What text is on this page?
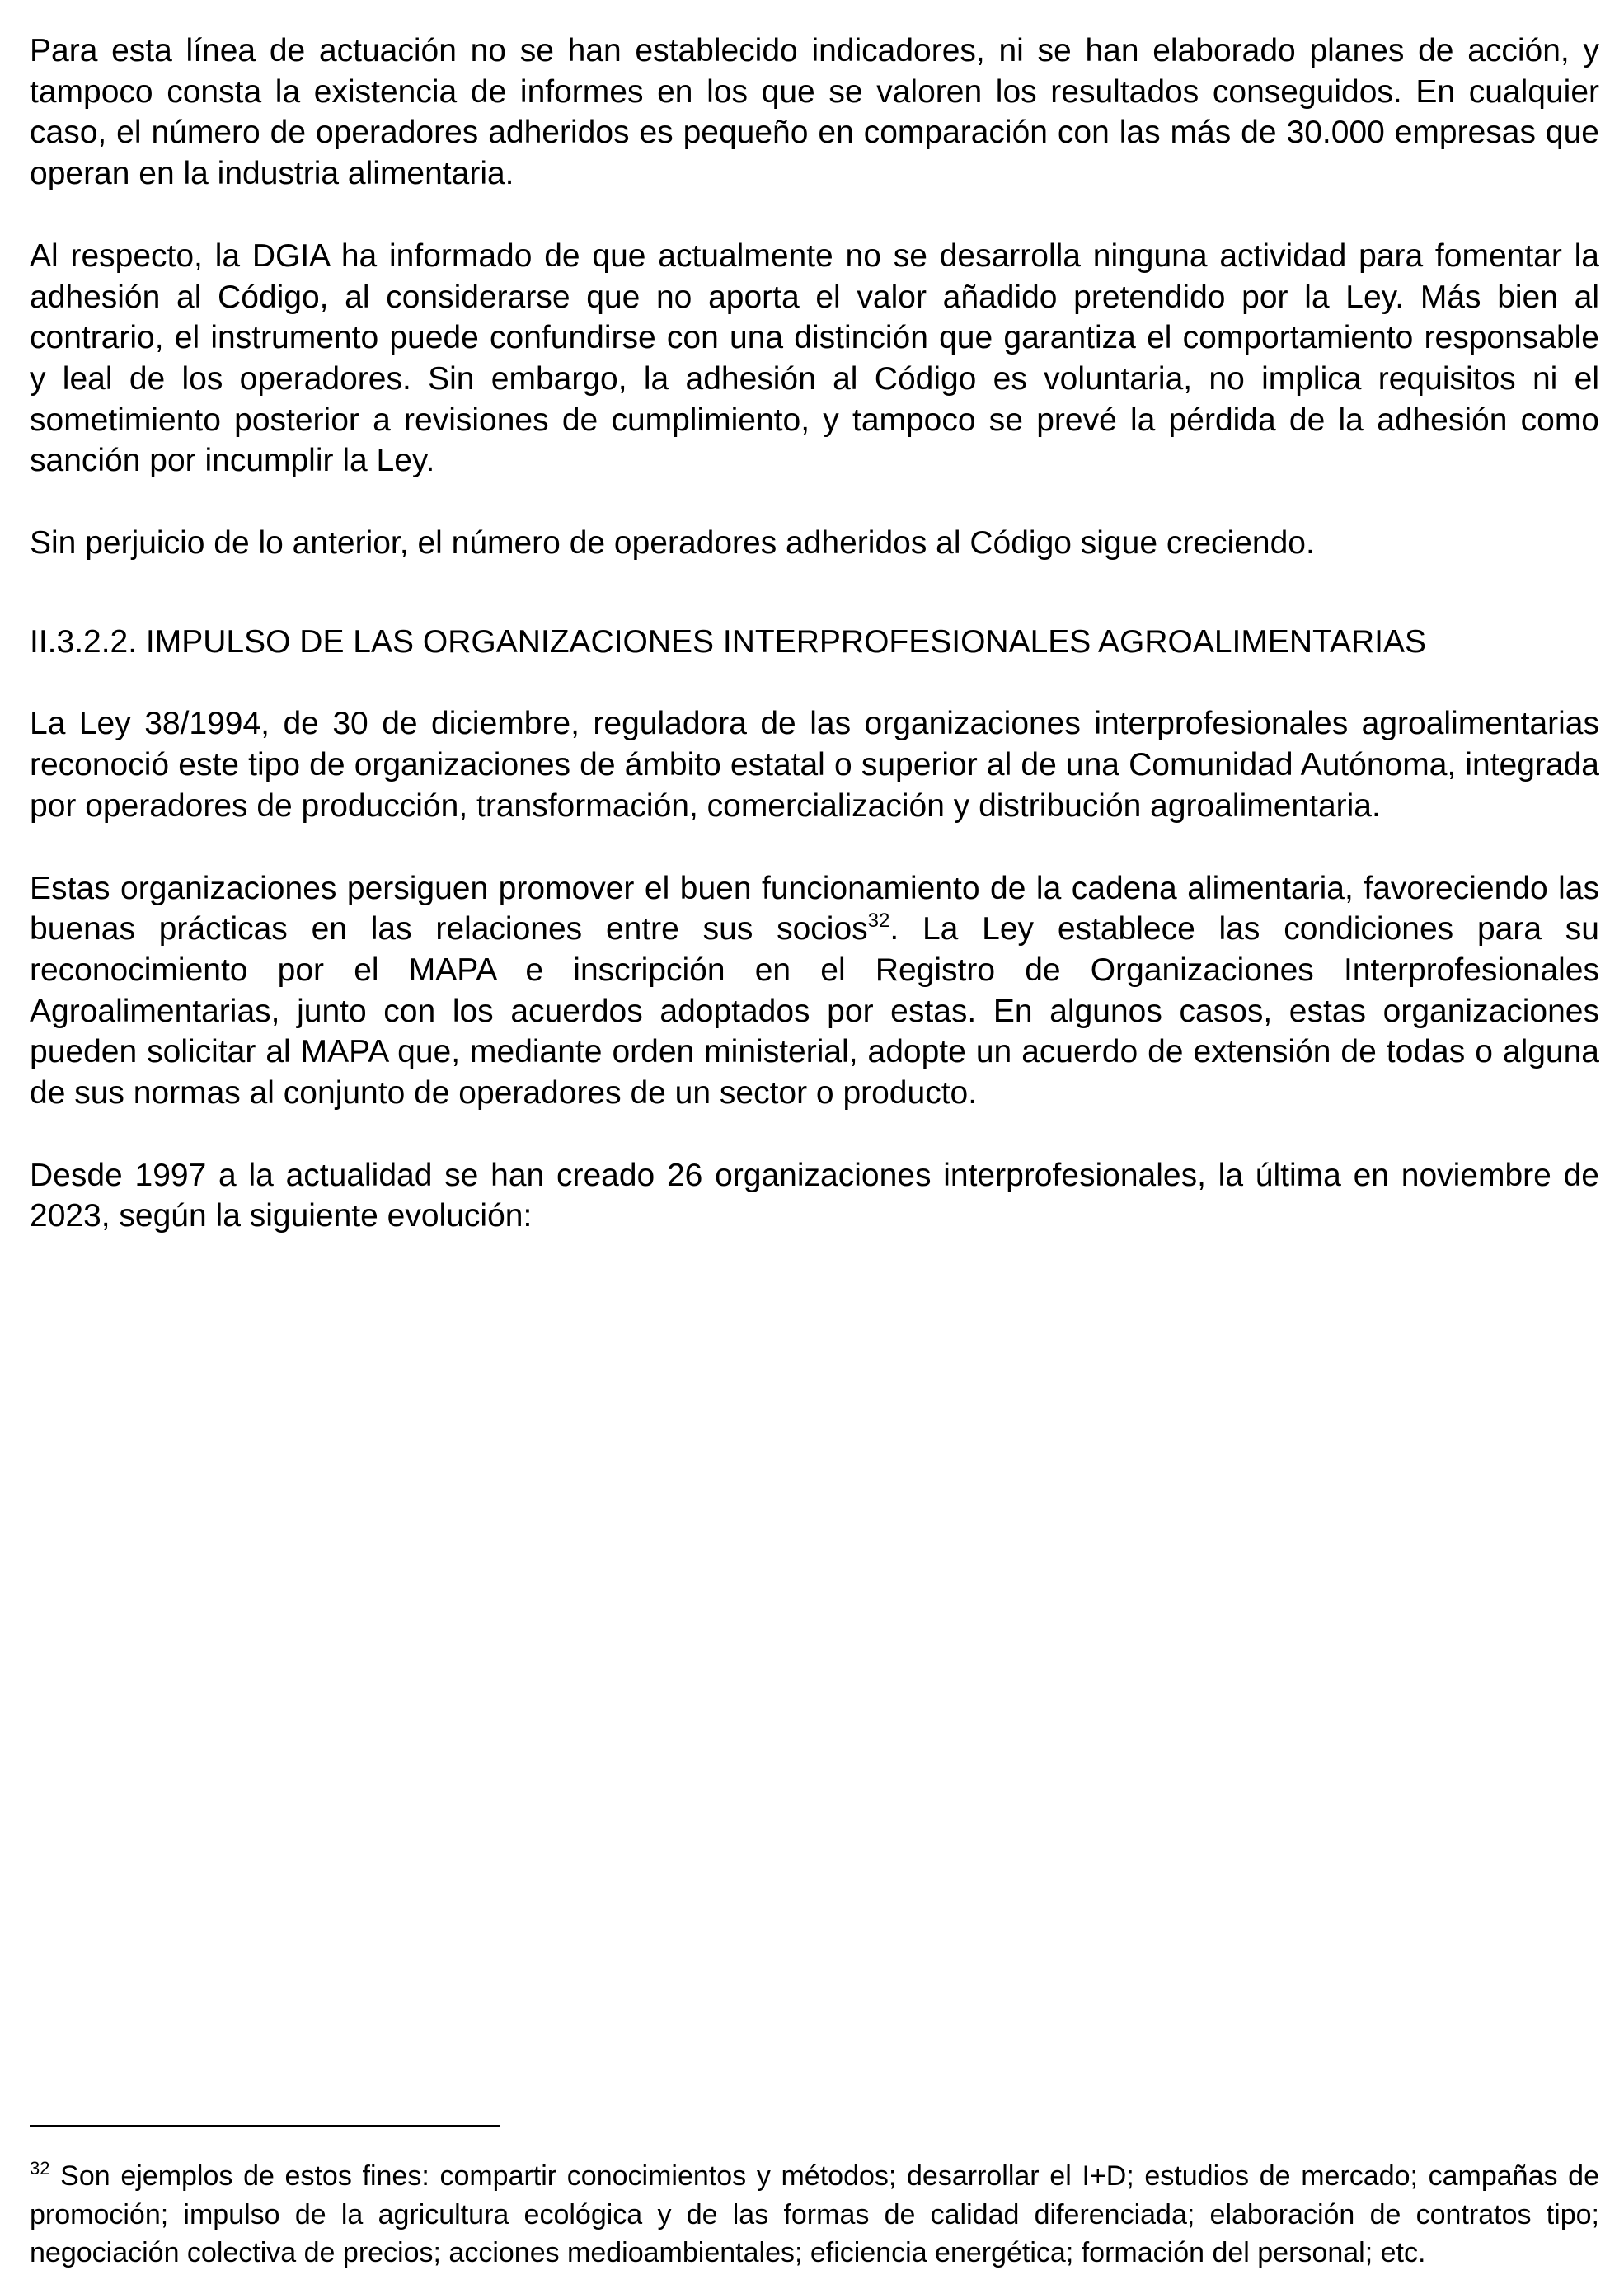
Para esta línea de actuación no se han establecido indicadores, ni se han elaborado planes de acción, y tampoco consta la existencia de informes en los que se valoren los resultados conseguidos. En cualquier caso, el número de operadores adheridos es pequeño en comparación con las más de 30.000 empresas que operan en la industria alimentaria.

Al respecto, la DGIA ha informado de que actualmente no se desarrolla ninguna actividad para fomentar la adhesión al Código, al considerarse que no aporta el valor añadido pretendido por la Ley. Más bien al contrario, el instrumento puede confundirse con una distinción que garantiza el comportamiento responsable y leal de los operadores. Sin embargo, la adhesión al Código es voluntaria, no implica requisitos ni el sometimiento posterior a revisiones de cumplimiento, y tampoco se prevé la pérdida de la adhesión como sanción por incumplir la Ley.

Sin perjuicio de lo anterior, el número de operadores adheridos al Código sigue creciendo.

II.3.2.2. IMPULSO DE LAS ORGANIZACIONES INTERPROFESIONALES AGROALIMENTARIAS

La Ley 38/1994, de 30 de diciembre, reguladora de las organizaciones interprofesionales agroalimentarias reconoció este tipo de organizaciones de ámbito estatal o superior al de una Comunidad Autónoma, integrada por operadores de producción, transformación, comercialización y distribución agroalimentaria.

Estas organizaciones persiguen promover el buen funcionamiento de la cadena alimentaria, favoreciendo las buenas prácticas en las relaciones entre sus socios$^{32}$. La Ley establece las condiciones para su reconocimiento por el MAPA e inscripción en el Registro de Organizaciones Interprofesionales Agroalimentarias, junto con los acuerdos adoptados por estas. En algunos casos, estas organizaciones pueden solicitar al MAPA que, mediante orden ministerial, adopte un acuerdo de extensión de todas o alguna de sus normas al conjunto de operadores de un sector o producto.

Desde 1997 a la actualidad se han creado 26 organizaciones interprofesionales, la última en noviembre de 2023, según la siguiente evolución:

$^{32}$ Son ejemplos de estos fines: compartir conocimientos y métodos; desarrollar el I+D; estudios de mercado; campañas de promoción; impulso de la agricultura ecológica y de las formas de calidad diferenciada; elaboración de contratos tipo; negociación colectiva de precios; acciones medioambientales; eficiencia energética; formación del personal; etc.
